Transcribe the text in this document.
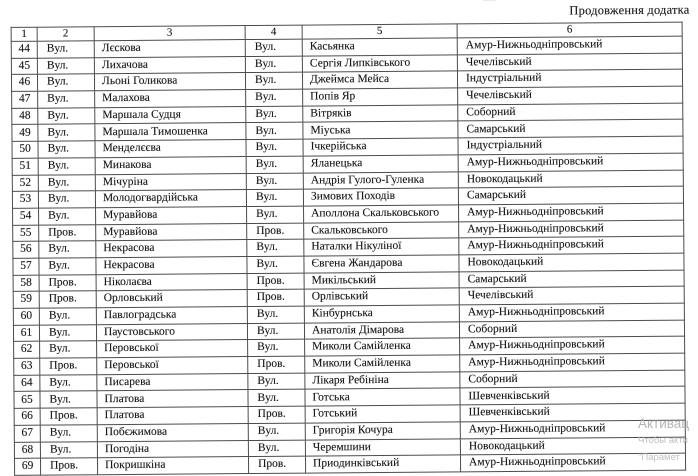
Продовження додатка
1	2	3	4	5	6
44	Вул.	Лєскова	Вул.	Касьянка	Амур-Нижньодніпровський
45	Вул.	Лихачова	Вул.	Сергія Липківського	Чечелівський
46	Вул.	Льоні Голикова	Вул.	Джеймса Мейса	Індустріальний
47	Вул.	Малахова	Вул.	Попів Яр	Чечелівський
48	Вул.	Маршала Судця	Вул.	Вітряків	Соборний
49	Вул.	Маршала Тимошенка	Вул.	Міуська	Самарський
50	Вул.	Менделєєва	Вул.	Ічкерійська	Індустріальний
51	Вул.	Минакова	Вул.	Яланецька	Амур-Нижньодніпровський
52	Вул.	Мічуріна	Вул.	Андрія Гулого-Гуленка	Новокодацький
53	Вул.	Молодогвардійська	Вул.	Зимових Походів	Самарський
54	Вул.	Муравйова	Вул.	Аполлона Скальковського	Амур-Нижньодніпровський
55	Пров.	Муравйова	Пров.	Скальковського	Амур-Нижньодніпровський
56	Вул.	Некрасова	Вул.	Наталки Нікуліної	Амур-Нижньодніпровський
57	Вул.	Некрасова	Вул.	Євгена Жандарова	Новокодацький
58	Пров.	Ніколаєва	Пров.	Микільський	Самарський
59	Пров.	Орловський	Пров.	Орлівський	Чечелівський
60	Вул.	Павлоградська	Вул.	Кінбурнська	Амур-Нижньодніпровський
61	Вул.	Паустовського	Вул.	Анатолія Дімарова	Соборний
62	Вул.	Перовської	Вул.	Миколи Самійленка	Амур-Нижньодніпровський
63	Пров.	Перовської	Пров.	Миколи Самійленка	Амур-Нижньодніпровський
64	Вул.	Писарева	Вул.	Лікаря Ребініна	Соборний
65	Вул.	Платова	Вул.	Готська	Шевченківський
66	Пров.	Платова	Пров.	Готський	Шевченківський
67	Вул.	Побєжимова	Вул.	Григорія Кочура	Амур-Нижньодніпровський
68	Вул.	Погодіна	Вул.	Черемшини	Новокодацький
69	Пров.	Покришкіна	Пров.	Приодинківський	Амур-Нижньодніпровський
Активац
Чтобы акти
"Парамет
